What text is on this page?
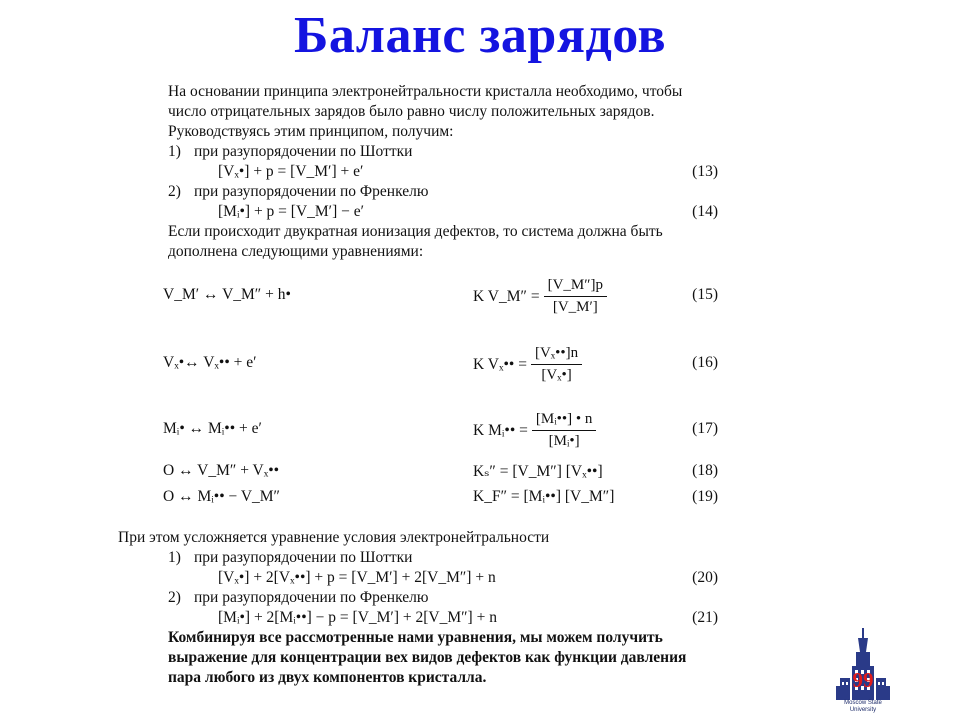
Баланс зарядов

На основании принципа электронейтральности кристалла необходимо, чтобы число отрицательных зарядов было равно числу положительных зарядов. Руководствуясь этим принципом, получим:

1) при разупорядочении по Шоттки
[Vₓ•] + p = [V_M′] + e′	(13)
2) при разупорядочении по Френкелю
[Mᵢ•] + p = [V_M′] − e′	(14)

Если происходит двукратная ионизация дефектов, то система должна быть дополнена следующими уравнениями:

V_M′ ↔ V_M″ + h•	K V_M″ = $\frac{[V\_M'']p}{[V\_M']}$	(15)
Vₓ•↔ Vₓ•• + e′	K Vₓ•• = $\frac{\text{[Vₓ••]n}}{\text{[Vₓ•]}}$	(16)
Mᵢ• ↔ Mᵢ•• + e′	K Mᵢ•• = $\frac{\text{[Mᵢ••] • n}}{\text{[Mᵢ•]}}$	(17)
O ↔ V_M″ + Vₓ••	Kₛ″ = [V_M″] [Vₓ••]	(18)
O ↔ Mᵢ•• − V_M″	K_F″ = [Mᵢ••] [V_M″]	(19)

При этом усложняется уравнение условия электронейтральности

1) при разупорядочении по Шоттки
[Vₓ•] + 2[Vₓ••] + p = [V_M′] + 2[V_M″] + n	(20)
2) при разупорядочении по Френкелю
[Mᵢ•] + 2[Mᵢ••] − p = [V_M′] + 2[V_M″] + n	(21)

Комбинируя все рассмотренные нами уравнения, мы можем получить выражение для концентрации вех видов дефектов как функции давления пара любого из двух компонентов кристалла.	99
Moscow State University
